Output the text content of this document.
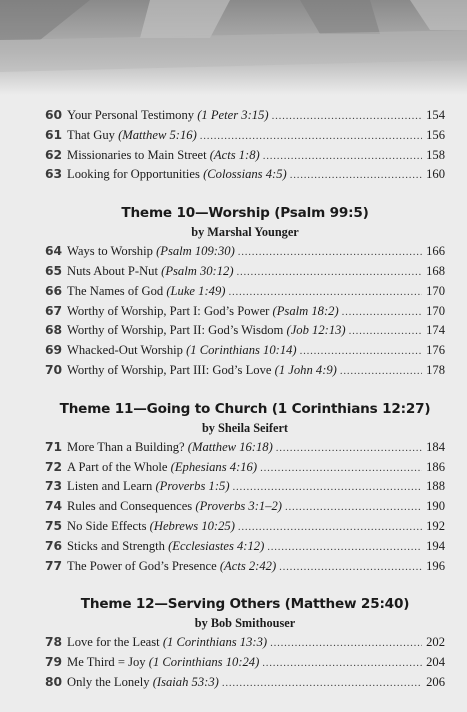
60 Your Personal Testimony (1 Peter 3:15) . . .	154
61 That Guy (Matthew 5:16) . . .	156
62 Missionaries to Main Street (Acts 1:8) . . .	158
63 Looking for Opportunities (Colossians 4:5) . . .	160
Theme 10—Worship (Psalm 99:5)
by Marshal Younger
64 Ways to Worship (Psalm 109:30) . . .	166
65 Nuts About P-Nut (Psalm 30:12) . . .	168
66 The Names of God (Luke 1:49) . . .	170
67 Worthy of Worship, Part I: God’s Power (Psalm 18:2) . . .	170
68 Worthy of Worship, Part II: God’s Wisdom (Job 12:13) . . .	174
69 Whacked-Out Worship (1 Corinthians 10:14) . . .	176
70 Worthy of Worship, Part III: God’s Love (1 John 4:9) . . .	178
Theme 11—Going to Church (1 Corinthians 12:27)
by Sheila Seifert
71 More Than a Building? (Matthew 16:18) . . .	184
72 A Part of the Whole (Ephesians 4:16) . . .	186
73 Listen and Learn (Proverbs 1:5) . . .	188
74 Rules and Consequences (Proverbs 3:1–2) . . .	190
75 No Side Effects (Hebrews 10:25) . . .	192
76 Sticks and Strength (Ecclesiastes 4:12) . . .	194
77 The Power of God’s Presence (Acts 2:42) . . .	196
Theme 12—Serving Others (Matthew 25:40)
by Bob Smithouser
78 Love for the Least (1 Corinthians 13:3) . . .	202
79 Me Third = Joy (1 Corinthians 10:24) . . .	204
80 Only the Lonely (Isaiah 53:3) . . .	206
